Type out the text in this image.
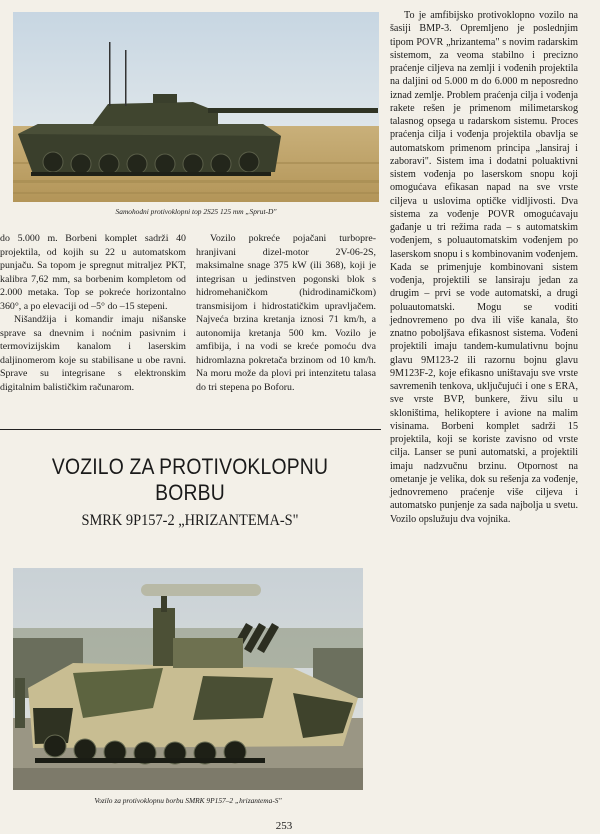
Samohodni protivoklopni top 2S25 125 mm „Sprut-D"

do 5.000 m. Borbeni komplet sadrži 40 projektila, od kojih su 22 u automatskom punjaču. Sa topom je spregnut mitraljez PKT, kalibra 7,62 mm, sa borbenim kompletom od 2.000 metaka. Top se pokreće horizontalno 360°, a po elevaciji od –5° do –15 stepeni.

Nišandžija i komandir imaju nišanske sprave sa dnevnim i noćnim pasivnim i termovizijskim kanalom i laserskim daljinomerom koje su stabilisane u obe ravni. Sprave su integrisane s elektronskim digitalnim balističkim računarom.

Vozilo pokreće pojačani turbopre-hranjivani dizel-motor 2V-06-2S, maksimalne snage 375 kW (ili 368), koji je integrisan u jedinstven pogonski blok s hidromehaničkom (hidrodinamičkom) transmisijom i hidrostatičkim upravljačem. Najveća brzina kretanja iznosi 71 km/h, a autonomija kretanja 500 km. Vozilo je amfibija, i na vodi se kreće pomoću dva hidromlazna pokretača brzinom od 10 km/h. Na moru može da plovi pri intenzitetu talasa do tri stepena po Boforu.

VOZILO ZA PROTIVOKLOPNU
BORBU
SMRK 9P157-2 „HRIZANTEMA-S"
Vozilo za protivoklopnu borbu SMRK 9P157–2 „hrizantema-S"

To je amfibijsko protivoklopno vozilo na šasiji BMP-3. Opremljeno je poslednjim tipom POVR „hrizantema" s novim radarskim sistemom, za veoma stabilno i precizno praćenje ciljeva na zemlji i vođenih projektila na daljini od 5.000 m do 6.000 m neposredno iznad zemlje. Problem praćenja cilja i vođenja rakete rešen je primenom milimetarskog talasnog opsega u radarskom sistemu. Proces praćenja cilja i vođenja projektila obavlja se automatskom primenom principa „lansiraj i zaboravi". Sistem ima i dodatni poluaktivni sistem vođenja po laserskom snopu koji omogućava efikasan napad na sve vrste ciljeva u uslovima optičke vidljivosti. Dva sistema za vođenje POVR omogućavaju gađanje u tri režima rada – s automatskim vođenjem, s poluautomatskim vođenjem po laserskom snopu i s kombinovanim vođenjem. Kada se primenjuje kombinovani sistem vođenja, projektili se lansiraju jedan za drugim – prvi se vode automatski, a drugi poluautomatski. Mogu se voditi jednovremeno po dva ili više kanala, što znatno poboljšava efikasnost sistema. Vođeni projektili imaju tandem-kumulativnu bojnu glavu 9M123-2 ili razornu bojnu glavu 9M123F-2, koje efikasno uništavaju sve vrste savremenih tenkova, uključujući i one s ERA, sve vrste BVP, bunkere, živu silu u skloništima, helikoptere i avione na malim visinama. Borbeni komplet sadrži 15 projektila, koji se koriste zavisno od vrste cilja. Lanser se puni automatski, a projektili imaju nadzvučnu brzinu. Otpornost na ometanje je velika, dok su rešenja za vođenje, jednovremeno praćenje više ciljeva i automatsko punjenje za sada najbolja u svetu. Vozilo opslužuju dva vojnika.

253
